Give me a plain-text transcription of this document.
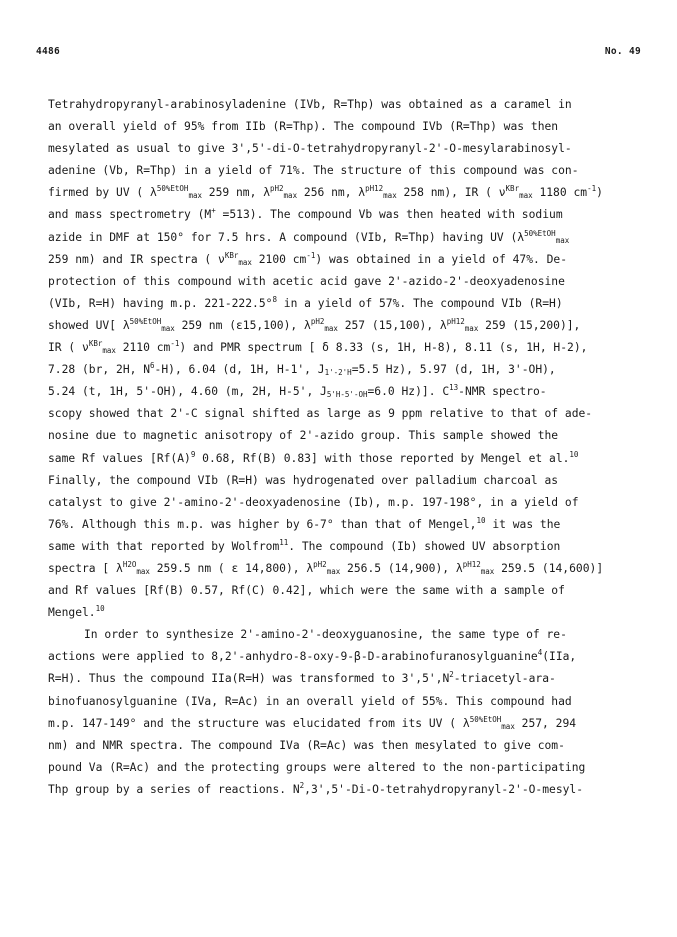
4486	No. 49
Tetrahydropyranyl-arabinosyladenine (IVb, R=Thp) was obtained as a caramel in
an overall yield of 95% from IIb (R=Thp). The compound IVb (R=Thp) was then
mesylated as usual to give 3',5'-di-O-tetrahydropyranyl-2'-O-mesylarabinosyl-
adenine (Vb, R=Thp) in a yield of 71%. The structure of this compound was con-
firmed by UV ( $\lambda^{50\%EtOH}_{max}$ 259 nm, $\lambda^{pH2}_{max}$ 256 nm, $\lambda^{pH12}_{max}$ 258 nm), IR ( $\nu^{KBr}_{max}$ 1180 $cm^{-1}$)
and mass spectrometry (M+ =513). The compound Vb was then heated with sodium
azide in DMF at 150° for 7.5 hrs. A compound (VIb, R=Thp) having UV ($\lambda^{50\%EtOH}_{max}$
259 nm) and IR spectra ( $\nu^{KBr}_{max}$ 2100 $cm^{-1}$) was obtained in a yield of 47%. De-
protection of this compound with acetic acid gave 2'-azido-2'-deoxyadenosine
(VIb, R=H) having m.p. 221-222.5°$^8$ in a yield of 57%. The compound VIb (R=H)
showed UV[ $\lambda^{50\%EtOH}_{max}$ 259 nm (ε15,100), $\lambda^{pH2}_{max}$ 257 (15,100), $\lambda^{pH12}_{max}$ 259 (15,200)],
IR ( $\nu^{KBr}_{max}$ 2110 $cm^{-1}$) and PMR spectrum [ δ 8.33 (s, 1H, H-8), 8.11 (s, 1H, H-2),
7.28 (br, 2H, $N^6-H$), 6.04 (d, 1H, H-1', $J_{1'-2'H}=5.5$ Hz), 5.97 (d, 1H, 3'-OH),
5.24 (t, 1H, 5'-OH), 4.60 (m, 2H, H-5', $J_{5'H-5'-OH}=6.0$ Hz)]. $C^{13}$-NMR spectro-
scopy showed that 2'-C signal shifted as large as 9 ppm relative to that of ade-
nosine due to magnetic anisotropy of 2'-azido group. This sample showed the
same Rf values [$Rf(A)^9$ 0.68, Rf(B) 0.83] with those reported by Mengel et al.$^{10}$
Finally, the compound VIb (R=H) was hydrogenated over palladium charcoal as
catalyst to give 2'-amino-2'-deoxyadenosine (Ib), m.p. 197-198°, in a yield of
76%. Although this m.p. was higher by 6-7° than that of Mengel,$^{10}$ it was the
same with that reported by Wolfrom$^{11}$. The compound (Ib) showed UV absorption
spectra [ $\lambda^{H2O}_{max}$ 259.5 nm ( ε 14,800), $\lambda^{pH2}_{max}$ 256.5 (14,900), $\lambda^{pH12}_{max}$ 259.5 (14,600)]
and Rf values [Rf(B) 0.57, Rf(C) 0.42], which were the same with a sample of
Mengel.$^{10}$
In order to synthesize 2'-amino-2'-deoxyguanosine, the same type of re-
actions were applied to 8,2'-anhydro-8-oxy-9-β-D-arabinofuranosylguanine$^4$(IIa,
R=H). Thus the compound IIa(R=H) was transformed to $3',5',N^2-triacetyl-ara-$
binofuanosylguanine (IVa, R=Ac) in an overall yield of 55%. This compound had
m.p. 147-149° and the structure was elucidated from its UV ( $\lambda^{50\%EtOH}_{max}$ 257, 294
nm) and NMR spectra. The compound IVa (R=Ac) was then mesylated to give com-
pound Va (R=Ac) and the protecting groups were altered to the non-participating
Thp group by a series of reactions. $N^2,3',5'-Di-O-tetrahydropyranyl-2'-O-mesyl-$
